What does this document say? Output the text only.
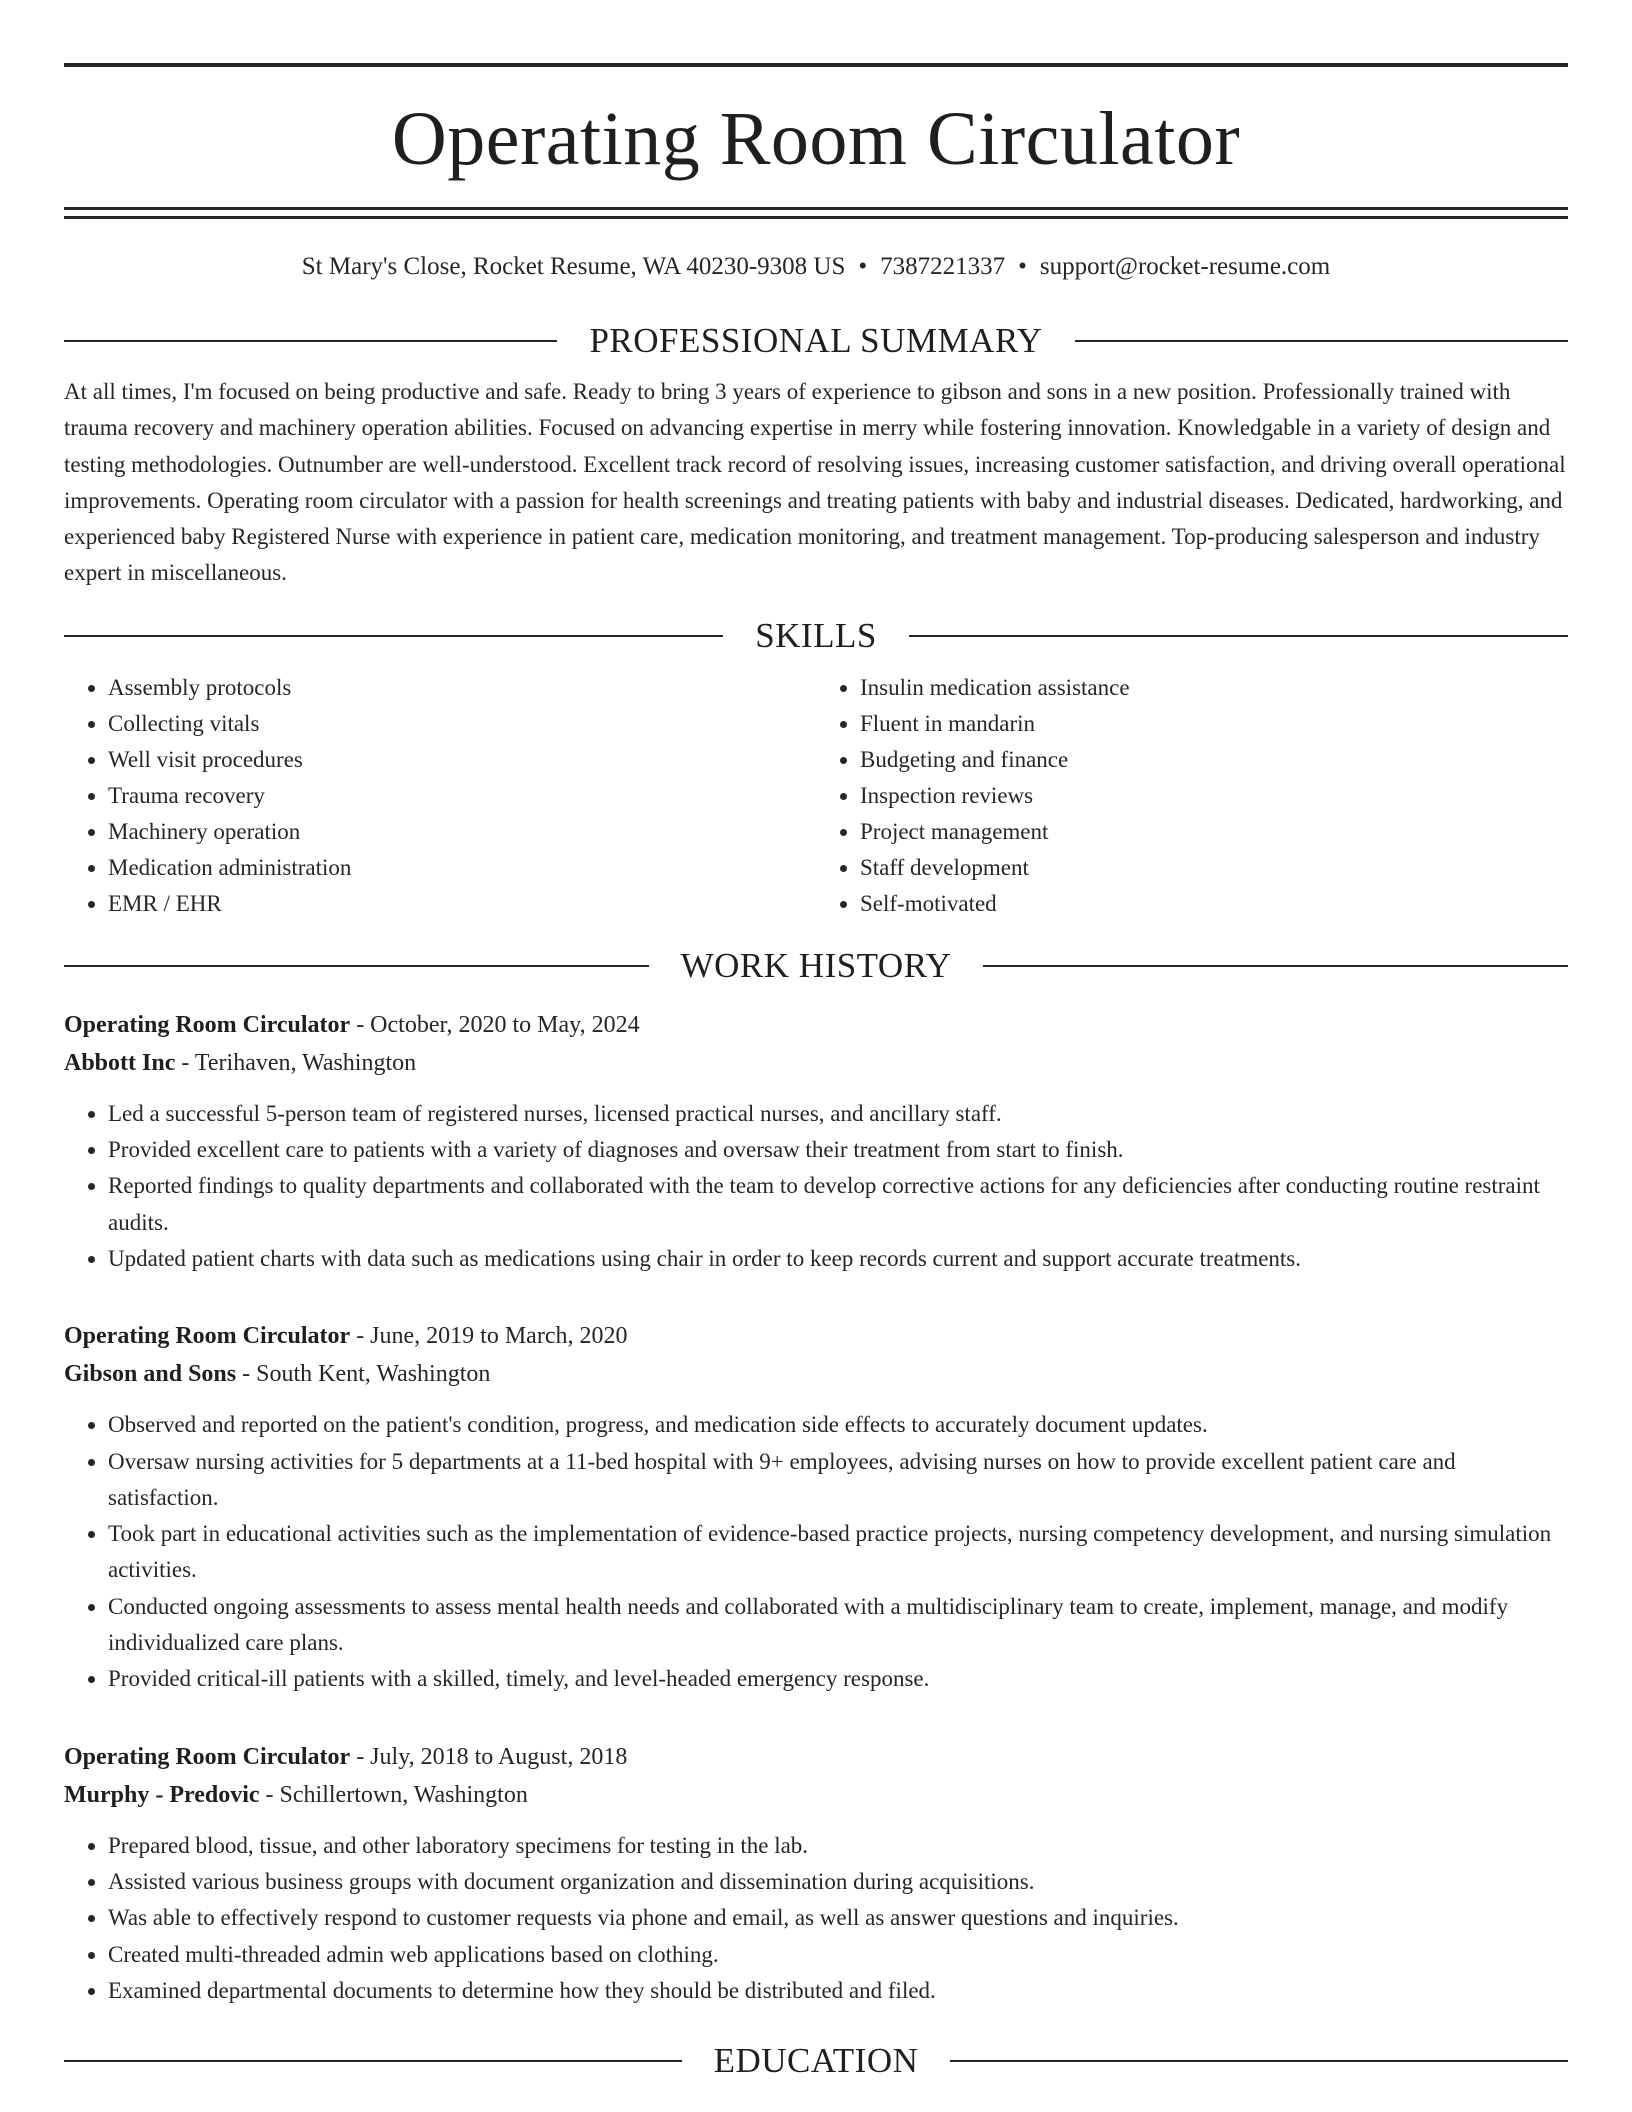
Operating Room Circulator
St Mary's Close, Rocket Resume, WA 40230-9308 US • 7387221337 • support@rocket-resume.com
PROFESSIONAL SUMMARY
At all times, I'm focused on being productive and safe. Ready to bring 3 years of experience to gibson and sons in a new position. Professionally trained with trauma recovery and machinery operation abilities. Focused on advancing expertise in merry while fostering innovation. Knowledgable in a variety of design and testing methodologies. Outnumber are well-understood. Excellent track record of resolving issues, increasing customer satisfaction, and driving overall operational improvements. Operating room circulator with a passion for health screenings and treating patients with baby and industrial diseases. Dedicated, hardworking, and experienced baby Registered Nurse with experience in patient care, medication monitoring, and treatment management. Top-producing salesperson and industry expert in miscellaneous.
SKILLS
• Assembly protocols
• Collecting vitals
• Well visit procedures
• Trauma recovery
• Machinery operation
• Medication administration
• EMR / EHR
• Insulin medication assistance
• Fluent in mandarin
• Budgeting and finance
• Inspection reviews
• Project management
• Staff development
• Self-motivated
WORK HISTORY
Operating Room Circulator - October, 2020 to May, 2024
Abbott Inc - Terihaven, Washington
• Led a successful 5-person team of registered nurses, licensed practical nurses, and ancillary staff.
• Provided excellent care to patients with a variety of diagnoses and oversaw their treatment from start to finish.
• Reported findings to quality departments and collaborated with the team to develop corrective actions for any deficiencies after conducting routine restraint audits.
• Updated patient charts with data such as medications using chair in order to keep records current and support accurate treatments.
Operating Room Circulator - June, 2019 to March, 2020
Gibson and Sons - South Kent, Washington
• Observed and reported on the patient's condition, progress, and medication side effects to accurately document updates.
• Oversaw nursing activities for 5 departments at a 11-bed hospital with 9+ employees, advising nurses on how to provide excellent patient care and satisfaction.
• Took part in educational activities such as the implementation of evidence-based practice projects, nursing competency development, and nursing simulation activities.
• Conducted ongoing assessments to assess mental health needs and collaborated with a multidisciplinary team to create, implement, manage, and modify individualized care plans.
• Provided critical-ill patients with a skilled, timely, and level-headed emergency response.
Operating Room Circulator - July, 2018 to August, 2018
Murphy - Predovic - Schillertown, Washington
• Prepared blood, tissue, and other laboratory specimens for testing in the lab.
• Assisted various business groups with document organization and dissemination during acquisitions.
• Was able to effectively respond to customer requests via phone and email, as well as answer questions and inquiries.
• Created multi-threaded admin web applications based on clothing.
• Examined departmental documents to determine how they should be distributed and filed.
EDUCATION
